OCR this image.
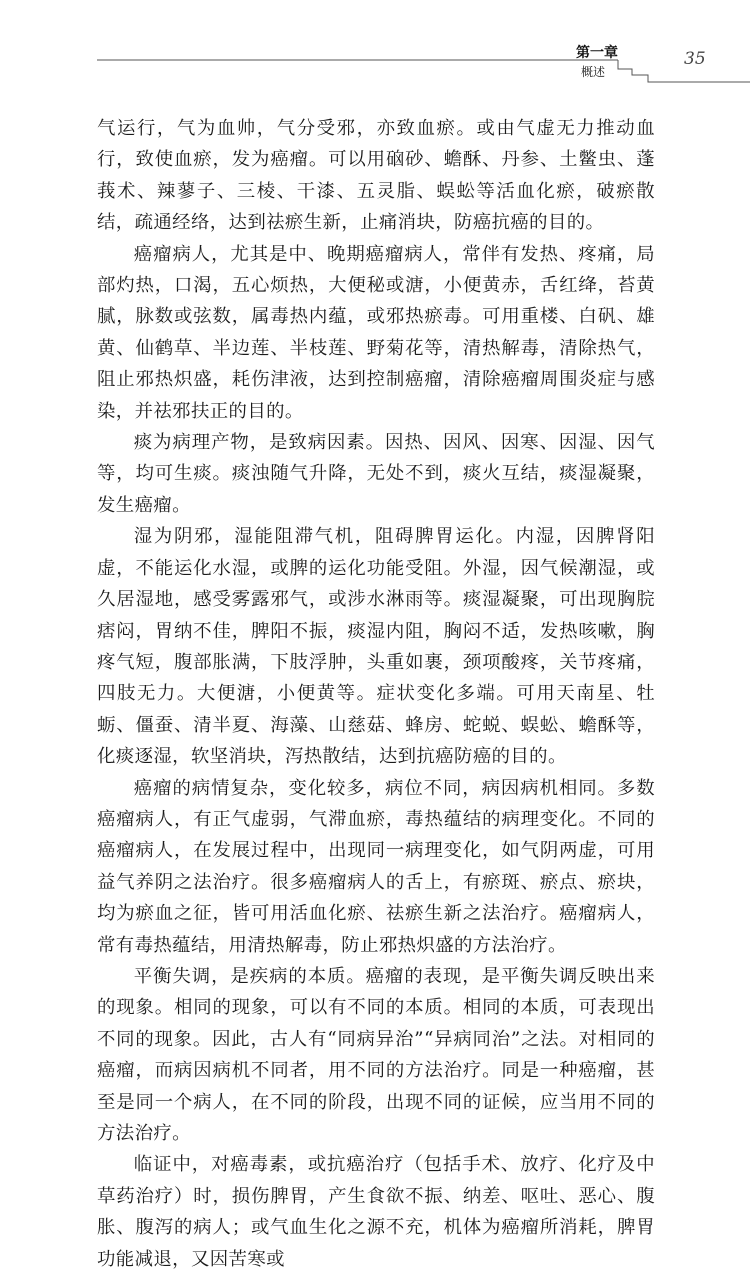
第一章
概述
35

气运行，气为血帅，气分受邪，亦致血瘀。或由气虚无力推动血行，致使血瘀，发为癌瘤。可以用硇砂、蟾酥、丹参、土鳖虫、蓬莪术、辣蓼子、三棱、干漆、五灵脂、蜈蚣等活血化瘀，破瘀散结，疏通经络，达到祛瘀生新，止痛消块，防癌抗癌的目的。

癌瘤病人，尤其是中、晚期癌瘤病人，常伴有发热、疼痛，局部灼热，口渴，五心烦热，大便秘或溏，小便黄赤，舌红绛，苔黄腻，脉数或弦数，属毒热内蕴，或邪热瘀毒。可用重楼、白矾、雄黄、仙鹤草、半边莲、半枝莲、野菊花等，清热解毒，清除热气，阻止邪热炽盛，耗伤津液，达到控制癌瘤，清除癌瘤周围炎症与感染，并祛邪扶正的目的。

痰为病理产物，是致病因素。因热、因风、因寒、因湿、因气等，均可生痰。痰浊随气升降，无处不到，痰火互结，痰湿凝聚，发生癌瘤。

湿为阴邪，湿能阻滞气机，阻碍脾胃运化。内湿，因脾肾阳虚，不能运化水湿，或脾的运化功能受阻。外湿，因气候潮湿，或久居湿地，感受雾露邪气，或涉水淋雨等。痰湿凝聚，可出现胸脘痞闷，胃纳不佳，脾阳不振，痰湿内阻，胸闷不适，发热咳嗽，胸疼气短，腹部胀满，下肢浮肿，头重如裹，颈项酸疼，关节疼痛，四肢无力。大便溏，小便黄等。症状变化多端。可用天南星、牡蛎、僵蚕、清半夏、海藻、山慈菇、蜂房、蛇蜕、蜈蚣、蟾酥等，化痰逐湿，软坚消块，泻热散结，达到抗癌防癌的目的。

癌瘤的病情复杂，变化较多，病位不同，病因病机相同。多数癌瘤病人，有正气虚弱，气滞血瘀，毒热蕴结的病理变化。不同的癌瘤病人，在发展过程中，出现同一病理变化，如气阴两虚，可用益气养阴之法治疗。很多癌瘤病人的舌上，有瘀斑、瘀点、瘀块，均为瘀血之征，皆可用活血化瘀、祛瘀生新之法治疗。癌瘤病人，常有毒热蕴结，用清热解毒，防止邪热炽盛的方法治疗。

平衡失调，是疾病的本质。癌瘤的表现，是平衡失调反映出来的现象。相同的现象，可以有不同的本质。相同的本质，可表现出不同的现象。因此，古人有“同病异治”“异病同治”之法。对相同的癌瘤，而病因病机不同者，用不同的方法治疗。同是一种癌瘤，甚至是同一个病人，在不同的阶段，出现不同的证候，应当用不同的方法治疗。

临证中，对癌毒素，或抗癌治疗（包括手术、放疗、化疗及中草药治疗）时，损伤脾胃，产生食欲不振、纳差、呕吐、恶心、腹胀、腹泻的病人；或气血生化之源不充，机体为癌瘤所消耗，脾胃功能减退，又因苦寒或
